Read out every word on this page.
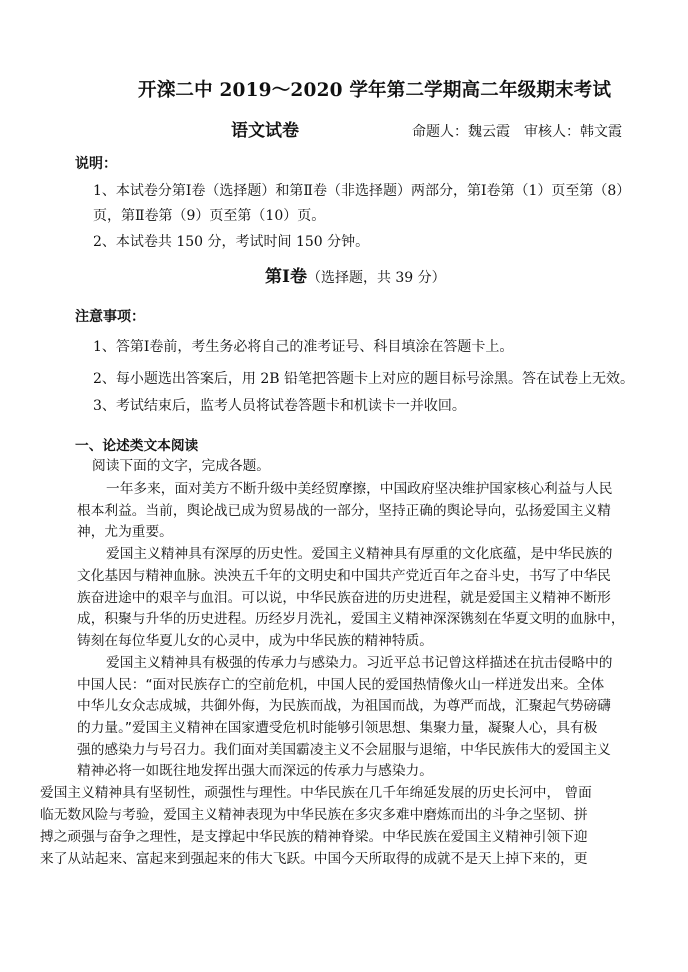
开滦二中 2019～2020 学年第二学期高二年级期末考试
语文试卷	命题人：魏云霞　审核人：韩文霞
说明：
1、本试卷分第Ⅰ卷（选择题）和第Ⅱ卷（非选择题）两部分，第Ⅰ卷第（1）页至第（8）
页，第Ⅱ卷第（9）页至第（10）页。
2、本试卷共 150 分，考试时间 150 分钟。
第Ⅰ卷（选择题，共 39 分）
注意事项：
1、答第Ⅰ卷前，考生务必将自己的准考证号、科目填涂在答题卡上。
2、每小题选出答案后，用 2B 铅笔把答题卡上对应的题目标号涂黑。答在试卷上无效。
3、考试结束后，监考人员将试卷答题卡和机读卡一并收回。
一、论述类文本阅读
阅读下面的文字，完成各题。
一年多来，面对美方不断升级中美经贸摩擦，中国政府坚决维护国家核心利益与人民
根本利益。当前，舆论战已成为贸易战的一部分，坚持正确的舆论导向，弘扬爱国主义精
神，尤为重要。
爱国主义精神具有深厚的历史性。爱国主义精神具有厚重的文化底蕴，是中华民族的
文化基因与精神血脉。泱泱五千年的文明史和中国共产党近百年之奋斗史，书写了中华民
族奋进途中的艰辛与血泪。可以说，中华民族奋进的历史进程，就是爱国主义精神不断形
成，积聚与升华的历史进程。历经岁月洗礼，爱国主义精神深深镌刻在华夏文明的血脉中，
铸刻在每位华夏儿女的心灵中，成为中华民族的精神特质。
爱国主义精神具有极强的传承力与感染力。习近平总书记曾这样描述在抗击侵略中的
中国人民：“面对民族存亡的空前危机，中国人民的爱国热情像火山一样迸发出来。全体
中华儿女众志成城，共御外侮，为民族而战，为祖国而战，为尊严而战，汇聚起气势磅礴
的力量。”爱国主义精神在国家遭受危机时能够引领思想、集聚力量，凝聚人心，具有极
强的感染力与号召力。我们面对美国霸凌主义不会屈服与退缩，中华民族伟大的爱国主义
精神必将一如既往地发挥出强大而深远的传承力与感染力。
爱国主义精神具有坚韧性，顽强性与理性。中华民族在几千年绵延发展的历史长河中， 曾面
临无数风险与考验，爱国主义精神表现为中华民族在多灾多难中磨炼而出的斗争之坚韧、拼
搏之顽强与奋争之理性，是支撑起中华民族的精神脊梁。中华民族在爱国主义精神引领下迎
来了从站起来、富起来到强起来的伟大飞跃。中国今天所取得的成就不是天上掉下来的，更
